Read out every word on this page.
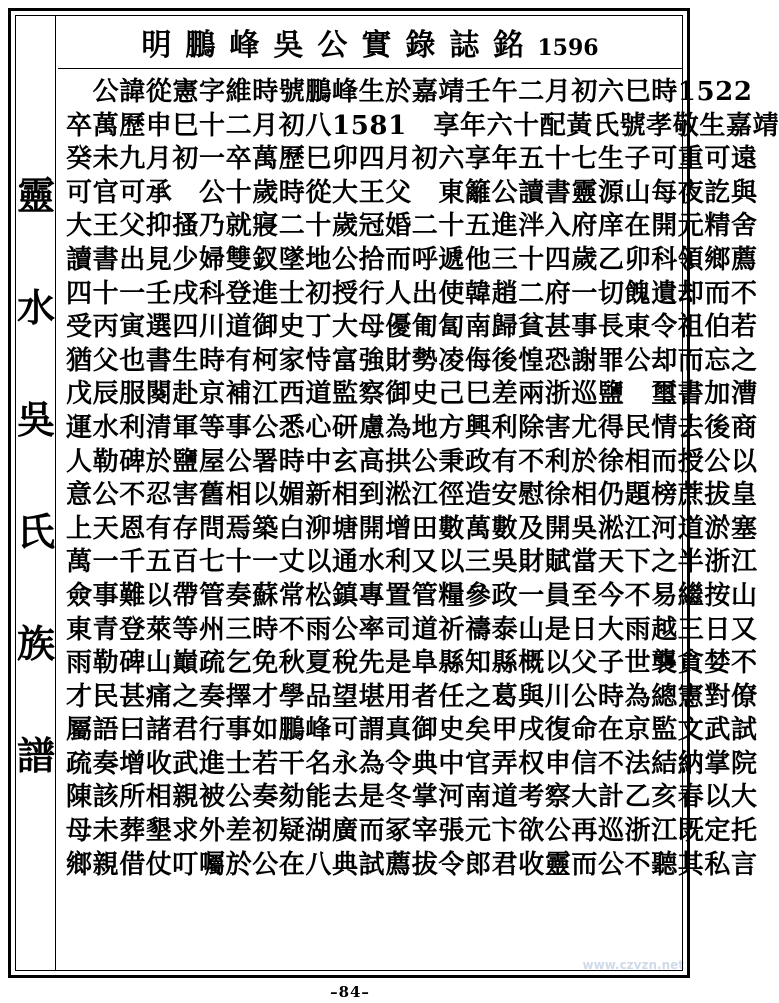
靈
水
吳
氏
族
譜
明鵬峰吳公實錄誌銘1596
　公諱從憲字維時號鵬峰生於嘉靖壬午二月初六巳時1522
卒萬歷申巳十二月初八1581　享年六十配黃氏號孝敬生嘉靖
癸未九月初一卒萬歷巳卯四月初六享年五十七生子可重可遠
可官可承　公十歲時從大王父　東籬公讀書靈源山每夜訖與
大王父抑搔乃就寢二十歲冠婚二十五進泮入府庠在開元精舍
讀書出見少婦雙釵墜地公拾而呼遞他三十四歲乙卯科領鄉薦
四十一壬戌科登進士初授行人出使韓趙二府一切餽遺却而不
受丙寅選四川道御史丁大母優匍匐南歸貧甚事長東令祖伯若
猶父也書生時有柯家恃富強財勢凌侮後惶恐謝罪公却而忘之
戊辰服闋赴京補江西道監察御史己巳差兩浙巡鹽　璽書加漕
運水利清軍等事公悉心研慮為地方興利除害尤得民情去後商
人勒碑於鹽屋公署時中玄高拱公秉政有不利於徐相而授公以
意公不忍害舊相以媚新相到淞江徑造安慰徐相仍題榜蔗拔皇
上天恩有存問焉築白泖塘開增田數萬數及開吳淞江河道淤塞
萬一千五百七十一丈以通水利又以三吳財賦當天下之半浙江
僉事難以帶管奏蘇常松鎮專置管糧參政一員至今不易繼按山
東青登萊等州三時不雨公率司道祈禱泰山是日大雨越三日又
雨勒碑山巔疏乞免秋夏稅先是阜縣知縣概以父子世襲貪婪不
才民甚痛之奏擇才學品望堪用者任之葛與川公時為總憲對僚
屬語曰諸君行事如鵬峰可謂真御史矣甲戌復命在京監文武試
疏奏增收武進士若干名永為令典中官弄权申信不法結納掌院
陳該所相親被公奏劾能去是冬掌河南道考察大計乙亥春以大
母未葬墾求外差初疑湖廣而冢宰張元卞欲公再巡浙江既定托
鄉親借仗叮囑於公在八典試薦拔令郎君收靈而公不聽其私言
www.czvzn.net
–84–
